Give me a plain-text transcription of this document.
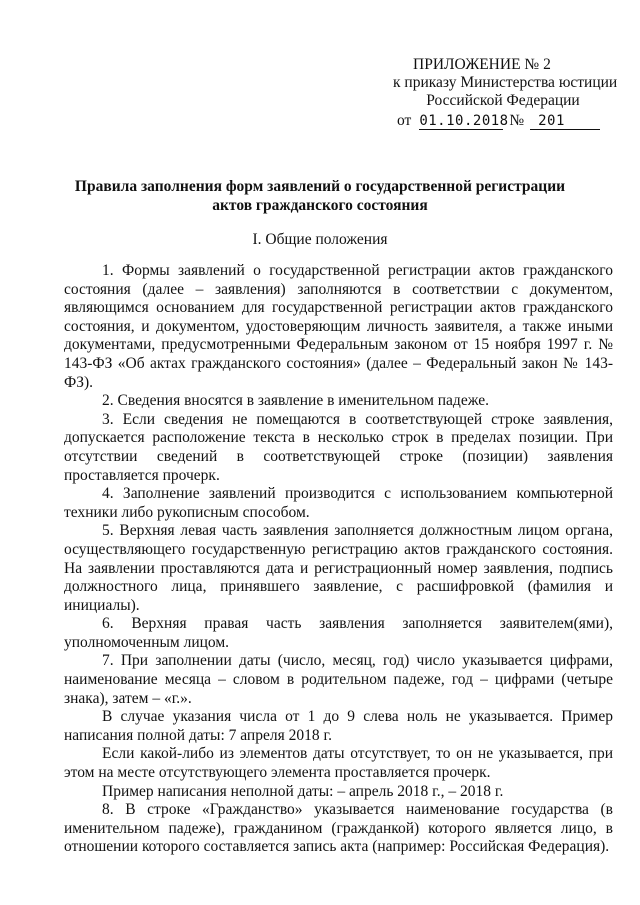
ПРИЛОЖЕНИЕ № 2
к приказу Министерства юстиции
Российской Федерации
от 01.10.2018№ 201
Правила заполнения форм заявлений о государственной регистрации
актов гражданского состояния
I. Общие положения

1. Формы заявлений о государственной регистрации актов гражданского состояния (далее – заявления) заполняются в соответствии с документом, являющимся основанием для государственной регистрации актов гражданского состояния, и документом, удостоверяющим личность заявителя, а также иными документами, предусмотренными Федеральным законом от 15 ноября 1997 г. № 143-ФЗ «Об актах гражданского состояния» (далее – Федеральный закон № 143-ФЗ).

2. Сведения вносятся в заявление в именительном падеже.

3. Если сведения не помещаются в соответствующей строке заявления, допускается расположение текста в несколько строк в пределах позиции. При отсутствии сведений в соответствующей строке (позиции) заявления проставляется прочерк.

4. Заполнение заявлений производится с использованием компьютерной техники либо рукописным способом.

5. Верхняя левая часть заявления заполняется должностным лицом органа, осуществляющего государственную регистрацию актов гражданского состояния. На заявлении проставляются дата и регистрационный номер заявления, подпись должностного лица, принявшего заявление, с расшифровкой (фамилия и инициалы).

6. Верхняя правая часть заявления заполняется заявителем(ями), уполномоченным лицом.

7. При заполнении даты (число, месяц, год) число указывается цифрами, наименование месяца – словом в родительном падеже, год – цифрами (четыре знака), затем – «г.».

В случае указания числа от 1 до 9 слева ноль не указывается. Пример написания полной даты: 7 апреля 2018 г.

Если какой-либо из элементов даты отсутствует, то он не указывается, при этом на месте отсутствующего элемента проставляется прочерк.

Пример написания неполной даты: – апрель 2018 г., – 2018 г.

8. В строке «Гражданство» указывается наименование государства (в именительном падеже), гражданином (гражданкой) которого является лицо, в отношении которого составляется запись акта (например: Российская Федерация).
